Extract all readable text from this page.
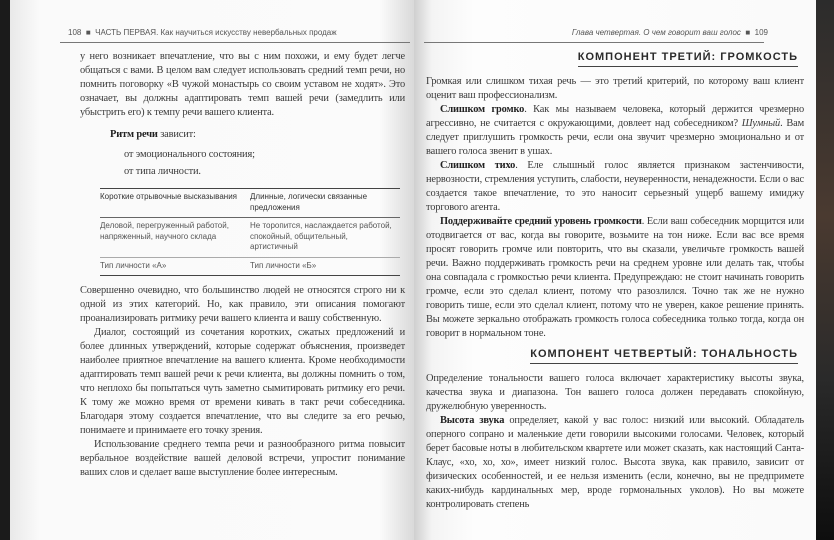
108  ■  ЧАСТЬ ПЕРВАЯ. Как научиться искусству невербальных продаж

у него возникает впечатление, что вы с ним похожи, и ему будет легче общаться с вами. В целом вам следует использовать средний темп речи, но помнить поговорку «В чужой монастырь со своим уставом не ходят». Это означает, вы должны адаптировать темп вашей речи (замедлить или убыстрить его) к темпу речи вашего клиента.

Ритм речи зависит:
от эмоционального состояния;
от типа личности.
Короткие отрывочные высказывания	Длинные, логически связанные предложения
Деловой, перегруженный работой, напряженный, научного склада	Не торопится, наслаждается работой, спокойный, общительный, артистичный
Тип личности «А»	Тип личности «Б»

Совершенно очевидно, что большинство людей не относятся строго ни к одной из этих категорий. Но, как правило, эти описания помогают проанализировать ритмику речи вашего клиента и вашу собственную.

Диалог, состоящий из сочетания коротких, сжатых предложений и более длинных утверждений, которые содержат объяснения, произведет наиболее приятное впечатление на вашего клиента. Кроме необходимости адаптировать темп вашей речи к речи клиента, вы должны помнить о том, что неплохо бы попытаться чуть заметно сымитировать ритмику его речи. К тому же можно время от времени кивать в такт речи собеседника. Благодаря этому создается впечатление, что вы следите за его речью, понимаете и принимаете его точку зрения.

Использование среднего темпа речи и разнообразного ритма повысит вербальное воздействие вашей деловой встречи, упростит понимание ваших слов и сделает ваше выступление более интересным.

Глава четвертая. О чем говорит ваш голос  ■  109
КОМПОНЕНТ ТРЕТИЙ: ГРОМКОСТЬ

Громкая или слишком тихая речь — это третий критерий, по которому ваш клиент оценит ваш профессионализм.

Слишком громко. Как мы называем человека, который держится чрезмерно агрессивно, не считается с окружающими, довлеет над собеседником? Шумный. Вам следует приглушить громкость речи, если она звучит чрезмерно эмоционально и от вашего голоса звенит в ушах.

Слишком тихо. Еле слышный голос является признаком застенчивости, нервозности, стремления уступить, слабости, неуверенности, ненадежности. Если о вас создается такое впечатление, то это наносит серьезный ущерб вашему имиджу торгового агента.

Поддерживайте средний уровень громкости. Если ваш собеседник морщится или отодвигается от вас, когда вы говорите, возьмите на тон ниже. Если вас все время просят говорить громче или повторить, что вы сказали, увеличьте громкость вашей речи. Важно поддерживать громкость речи на среднем уровне или делать так, чтобы она совпадала с громкостью речи клиента. Предупреждаю: не стоит начинать говорить громче, если это сделал клиент, потому что разозлился. Точно так же не нужно говорить тише, если это сделал клиент, потому что не уверен, какое решение принять. Вы можете зеркально отображать громкость голоса собеседника только тогда, когда он говорит в нормальном тоне.

КОМПОНЕНТ ЧЕТВЕРТЫЙ: ТОНАЛЬНОСТЬ

Определение тональности вашего голоса включает характеристику высоты звука, качества звука и диапазона. Тон вашего голоса должен передавать спокойную, дружелюбную уверенность.

Высота звука определяет, какой у вас голос: низкий или высокий. Обладатель оперного сопрано и маленькие дети говорили высокими голосами. Человек, который берет басовые ноты в любительском квартете или может сказать, как настоящий Санта-Клаус, «хо, хо, хо», имеет низкий голос. Высота звука, как правило, зависит от физических особенностей, и ее нельзя изменить (если, конечно, вы не предпримете каких-нибудь кардинальных мер, вроде гормональных уколов). Но вы можете контролировать степень
